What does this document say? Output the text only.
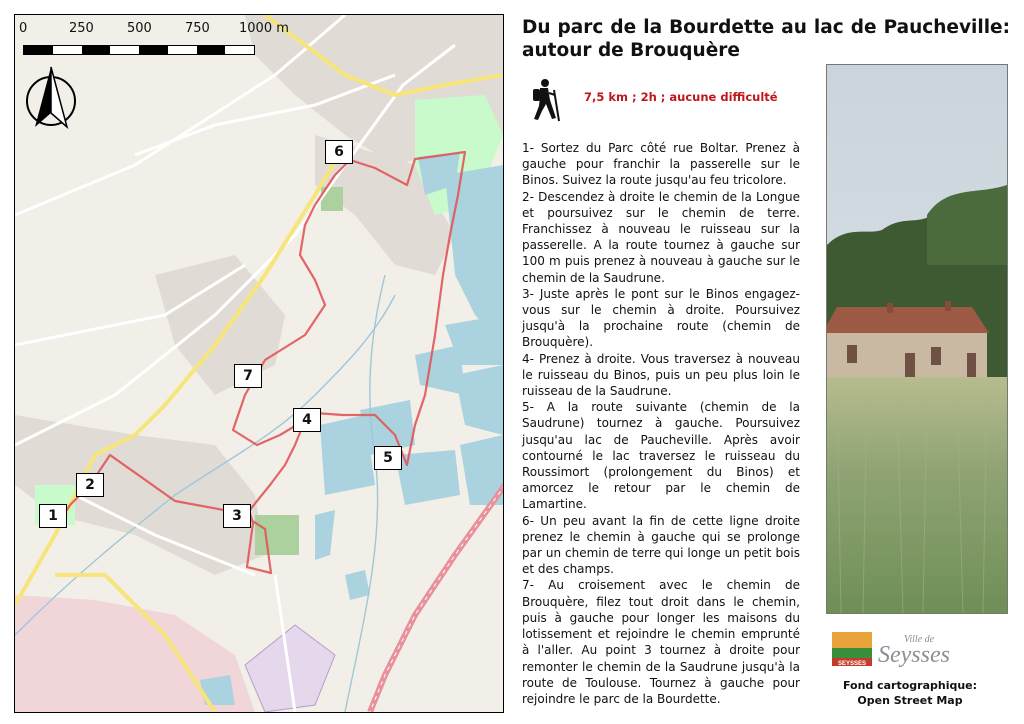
0	250	500	750 1000 m
1
2
3
4
5
6
7
Du parc de la Bourdette au lac de Paucheville: autour de Brouquère
7,5 km ; 2h ; aucune difficulté

1- Sortez du Parc côté rue Boltar. Prenez à gauche pour franchir la passerelle sur le Binos. Suivez la route jusqu'au feu tricolore.

2- Descendez à droite le chemin de la Longue et poursuivez sur le chemin de terre. Franchissez à nouveau le ruisseau sur la passerelle. A la route tournez à gauche sur 100 m puis prenez à nouveau à gauche sur le chemin de la Saudrune.

3- Juste après le pont sur le Binos engagez-vous sur le chemin à droite. Poursuivez jusqu'à la prochaine route (chemin de Brouquère).

4- Prenez à droite. Vous traversez à nouveau le ruisseau du Binos, puis un peu plus loin le ruisseau de la Saudrune.

5- A la route suivante (chemin de la Saudrune) tournez à gauche. Poursuivez jusqu'au lac de Paucheville. Après avoir contourné le lac traversez le ruisseau du Roussimort (prolongement du Binos) et amorcez le retour par le chemin de Lamartine.

6- Un peu avant la fin de cette ligne droite prenez le chemin à gauche qui se prolonge par un chemin de terre qui longe un petit bois et des champs.

7- Au croisement avec le chemin de Brouquère, filez tout droit dans le chemin, puis à gauche pour longer les maisons du lotissement et rejoindre le chemin emprunté à l'aller. Au point 3 tournez à droite pour remonter le chemin de la Saudrune jusqu'à la route de Toulouse. Tournez à gauche pour rejoindre le parc de la Bourdette.

SEYSSES
Ville de
Seysses
Fond cartographique:
Open Street Map
